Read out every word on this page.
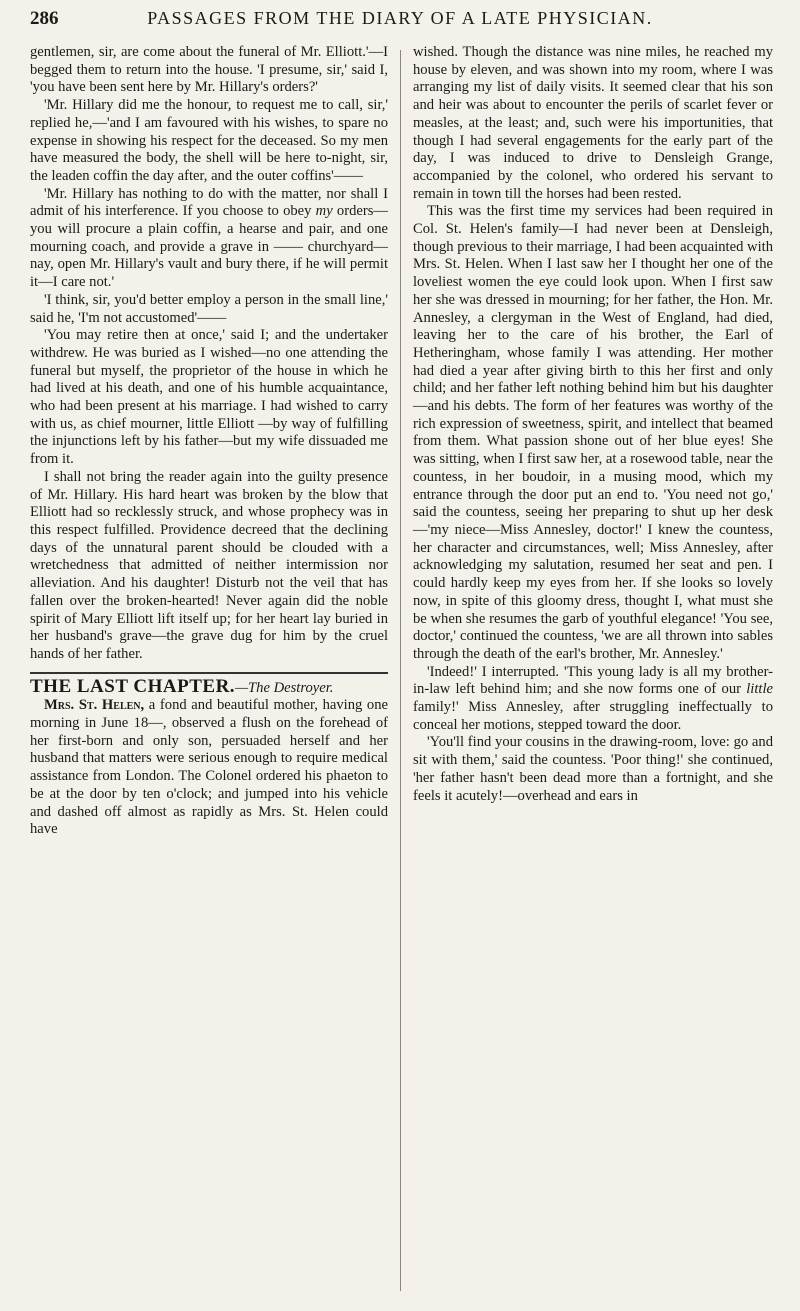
286	PASSAGES FROM THE DIARY OF A LATE PHYSICIAN.

gentlemen, sir, are come about the funeral of Mr. Elliott.'—I begged them to return into the house. 'I presume, sir,' said I, 'you have been sent here by Mr. Hillary's orders?'

'Mr. Hillary did me the honour, to request me to call, sir,' replied he,—'and I am favoured with his wishes, to spare no expense in showing his respect for the deceased. So my men have measured the body, the shell will be here to-night, sir, the leaden coffin the day after, and the outer coffins'——

'Mr. Hillary has nothing to do with the matter, nor shall I admit of his interference. If you choose to obey my orders—you will procure a plain coffin, a hearse and pair, and one mourning coach, and provide a grave in —— churchyard—nay, open Mr. Hillary's vault and bury there, if he will permit it—I care not.'

'I think, sir, you'd better employ a person in the small line,' said he, 'I'm not accustomed'——

'You may retire then at once,' said I; and the undertaker withdrew. He was buried as I wished—no one attending the funeral but myself, the proprietor of the house in which he had lived at his death, and one of his humble acquaintance, who had been present at his marriage. I had wished to carry with us, as chief mourner, little Elliott —by way of fulfilling the injunctions left by his father—but my wife dissuaded me from it.

I shall not bring the reader again into the guilty presence of Mr. Hillary. His hard heart was broken by the blow that Elliott had so recklessly struck, and whose prophecy was in this respect fulfilled. Providence decreed that the declining days of the unnatural parent should be clouded with a wretchedness that admitted of neither intermission nor alleviation. And his daughter! Disturb not the veil that has fallen over the broken-hearted! Never again did the noble spirit of Mary Elliott lift itself up; for her heart lay buried in her husband's grave—the grave dug for him by the cruel hands of her father.

THE LAST CHAPTER.—The Destroyer.

Mrs. St. Helen, a fond and beautiful mother, having one morning in June 18—, observed a flush on the forehead of her first-born and only son, persuaded herself and her husband that matters were serious enough to require medical assistance from London. The Colonel ordered his phaeton to be at the door by ten o'clock; and jumped into his vehicle and dashed off almost as rapidly as Mrs. St. Helen could have

wished. Though the distance was nine miles, he reached my house by eleven, and was shown into my room, where I was arranging my list of daily visits. It seemed clear that his son and heir was about to encounter the perils of scarlet fever or measles, at the least; and, such were his importunities, that though I had several engagements for the early part of the day, I was induced to drive to Densleigh Grange, accompanied by the colonel, who ordered his servant to remain in town till the horses had been rested.

This was the first time my services had been required in Col. St. Helen's family—I had never been at Densleigh, though previous to their marriage, I had been acquainted with Mrs. St. Helen. When I last saw her I thought her one of the loveliest women the eye could look upon. When I first saw her she was dressed in mourning; for her father, the Hon. Mr. Annesley, a clergyman in the West of England, had died, leaving her to the care of his brother, the Earl of Hetheringham, whose family I was attending. Her mother had died a year after giving birth to this her first and only child; and her father left nothing behind him but his daughter—and his debts. The form of her features was worthy of the rich expression of sweetness, spirit, and intellect that beamed from them. What passion shone out of her blue eyes! She was sitting, when I first saw her, at a rosewood table, near the countess, in her boudoir, in a musing mood, which my entrance through the door put an end to. 'You need not go,' said the countess, seeing her preparing to shut up her desk—'my niece—Miss Annesley, doctor!' I knew the countess, her character and circumstances, well; Miss Annesley, after acknowledging my salutation, resumed her seat and pen. I could hardly keep my eyes from her. If she looks so lovely now, in spite of this gloomy dress, thought I, what must she be when she resumes the garb of youthful elegance! 'You see, doctor,' continued the countess, 'we are all thrown into sables through the death of the earl's brother, Mr. Annesley.'

'Indeed!' I interrupted. 'This young lady is all my brother-in-law left behind him; and she now forms one of our little family!' Miss Annesley, after struggling ineffectually to conceal her motions, stepped toward the door.

'You'll find your cousins in the drawing-room, love: go and sit with them,' said the countess. 'Poor thing!' she continued, 'her father hasn't been dead more than a fortnight, and she feels it acutely!—overhead and ears in
